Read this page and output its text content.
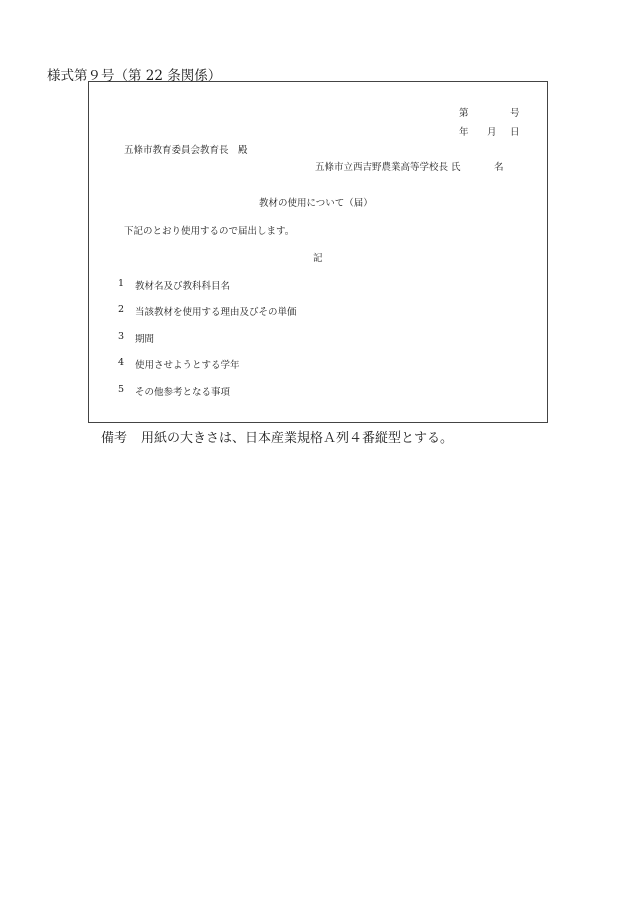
様式第９号（第 22 条関係）
第	号
年 月 日
五條市教育委員会教育長　殿
五條市立西吉野農業高等学校長 氏	名
教材の使用について（届）
下記のとおり使用するので届出します。
記
1 教材名及び教科科目名
2 当該教材を使用する理由及びその単価
3 期間
4 使用させようとする学年
5 その他参考となる事項
備考 用紙の大きさは、日本産業規格Ａ列４番縦型とする。
